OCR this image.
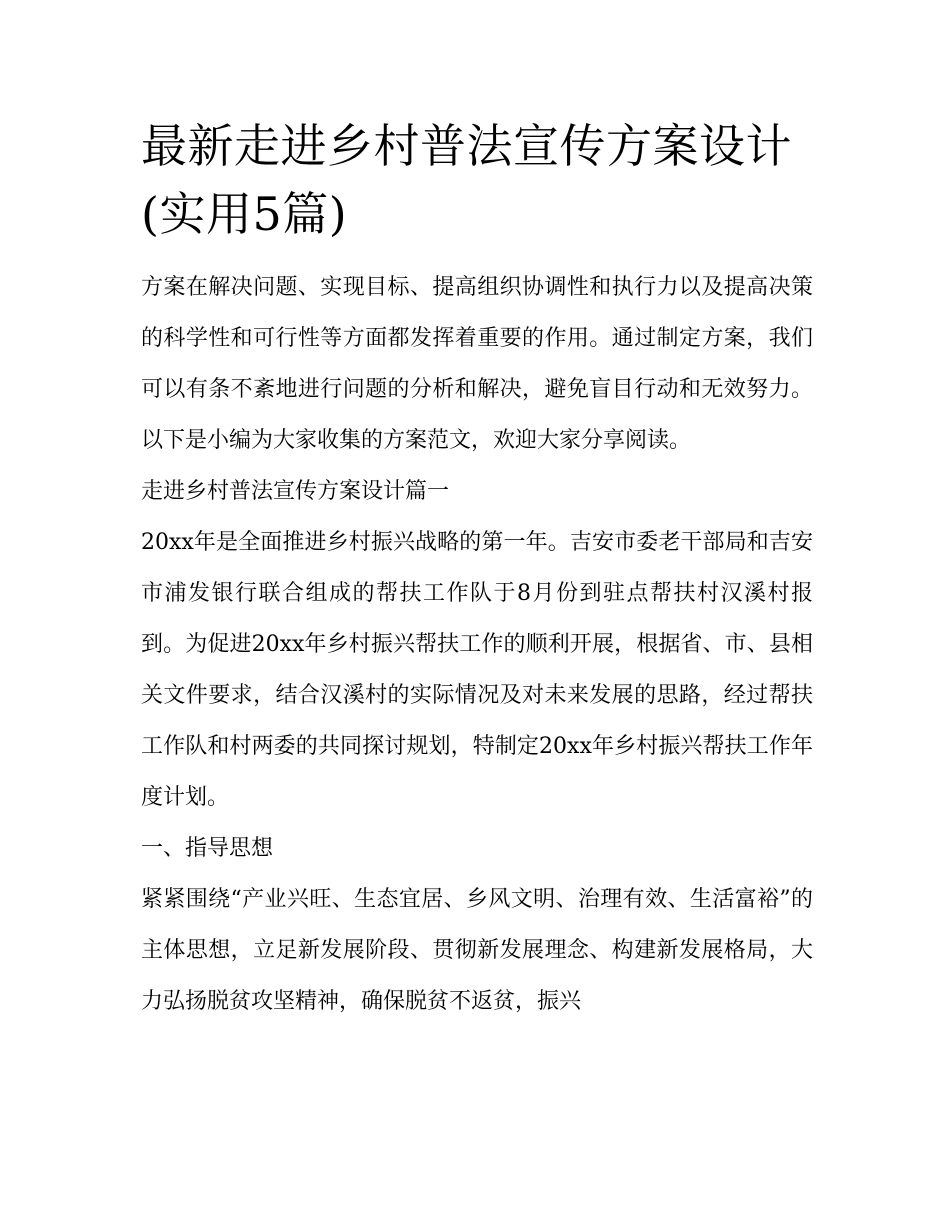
最新走进乡村普法宣传方案设计(实用5篇)

方案在解决问题、实现目标、提高组织协调性和执行力以及提高决策的科学性和可行性等方面都发挥着重要的作用。通过制定方案，我们可以有条不紊地进行问题的分析和解决，避免盲目行动和无效努力。以下是小编为大家收集的方案范文，欢迎大家分享阅读。

走进乡村普法宣传方案设计篇一

20xx年是全面推进乡村振兴战略的第一年。吉安市委老干部局和吉安市浦发银行联合组成的帮扶工作队于8月份到驻点帮扶村汉溪村报到。为促进20xx年乡村振兴帮扶工作的顺利开展，根据省、市、县相关文件要求，结合汉溪村的实际情况及对未来发展的思路，经过帮扶工作队和村两委的共同探讨规划，特制定20xx年乡村振兴帮扶工作年度计划。

一、指导思想

紧紧围绕“产业兴旺、生态宜居、乡风文明、治理有效、生活富裕”的主体思想，立足新发展阶段、贯彻新发展理念、构建新发展格局，大力弘扬脱贫攻坚精神，确保脱贫不返贫，振兴
